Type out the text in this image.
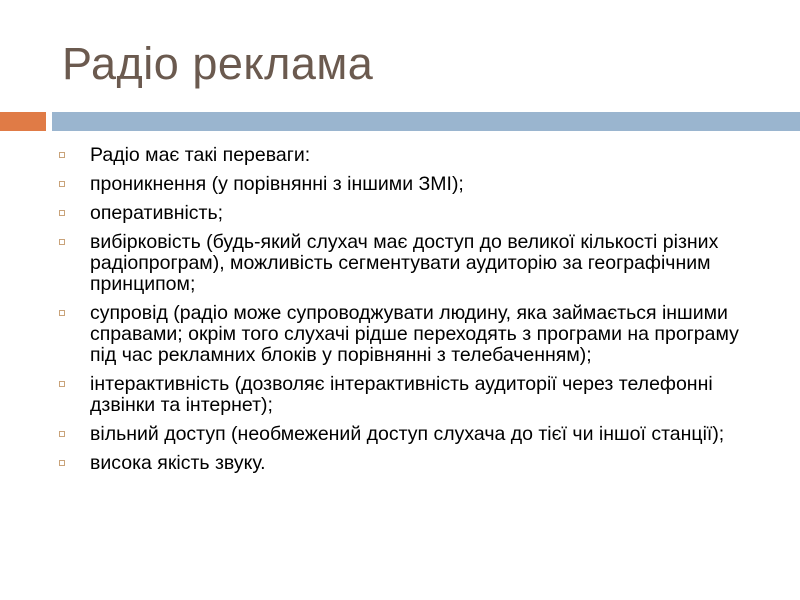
Радіо реклама
Радіо має такі переваги:
проникнення (у порівнянні з іншими ЗМІ);
оперативність;
вибірковість (будь-який слухач має доступ до великої кількості різних радіопрограм), можливість сегментувати аудиторію за географічним принципом;
супровід (радіо може супроводжувати людину, яка займається іншими справами; окрім того слухачі рідше переходять з програми на програму під час рекламних блоків у порівнянні з телебаченням);
інтерактивність (дозволяє інтерактивність аудиторії через телефонні дзвінки та інтернет);
вільний доступ (необмежений доступ слухача до тієї чи іншої станції);
висока якість звуку.
